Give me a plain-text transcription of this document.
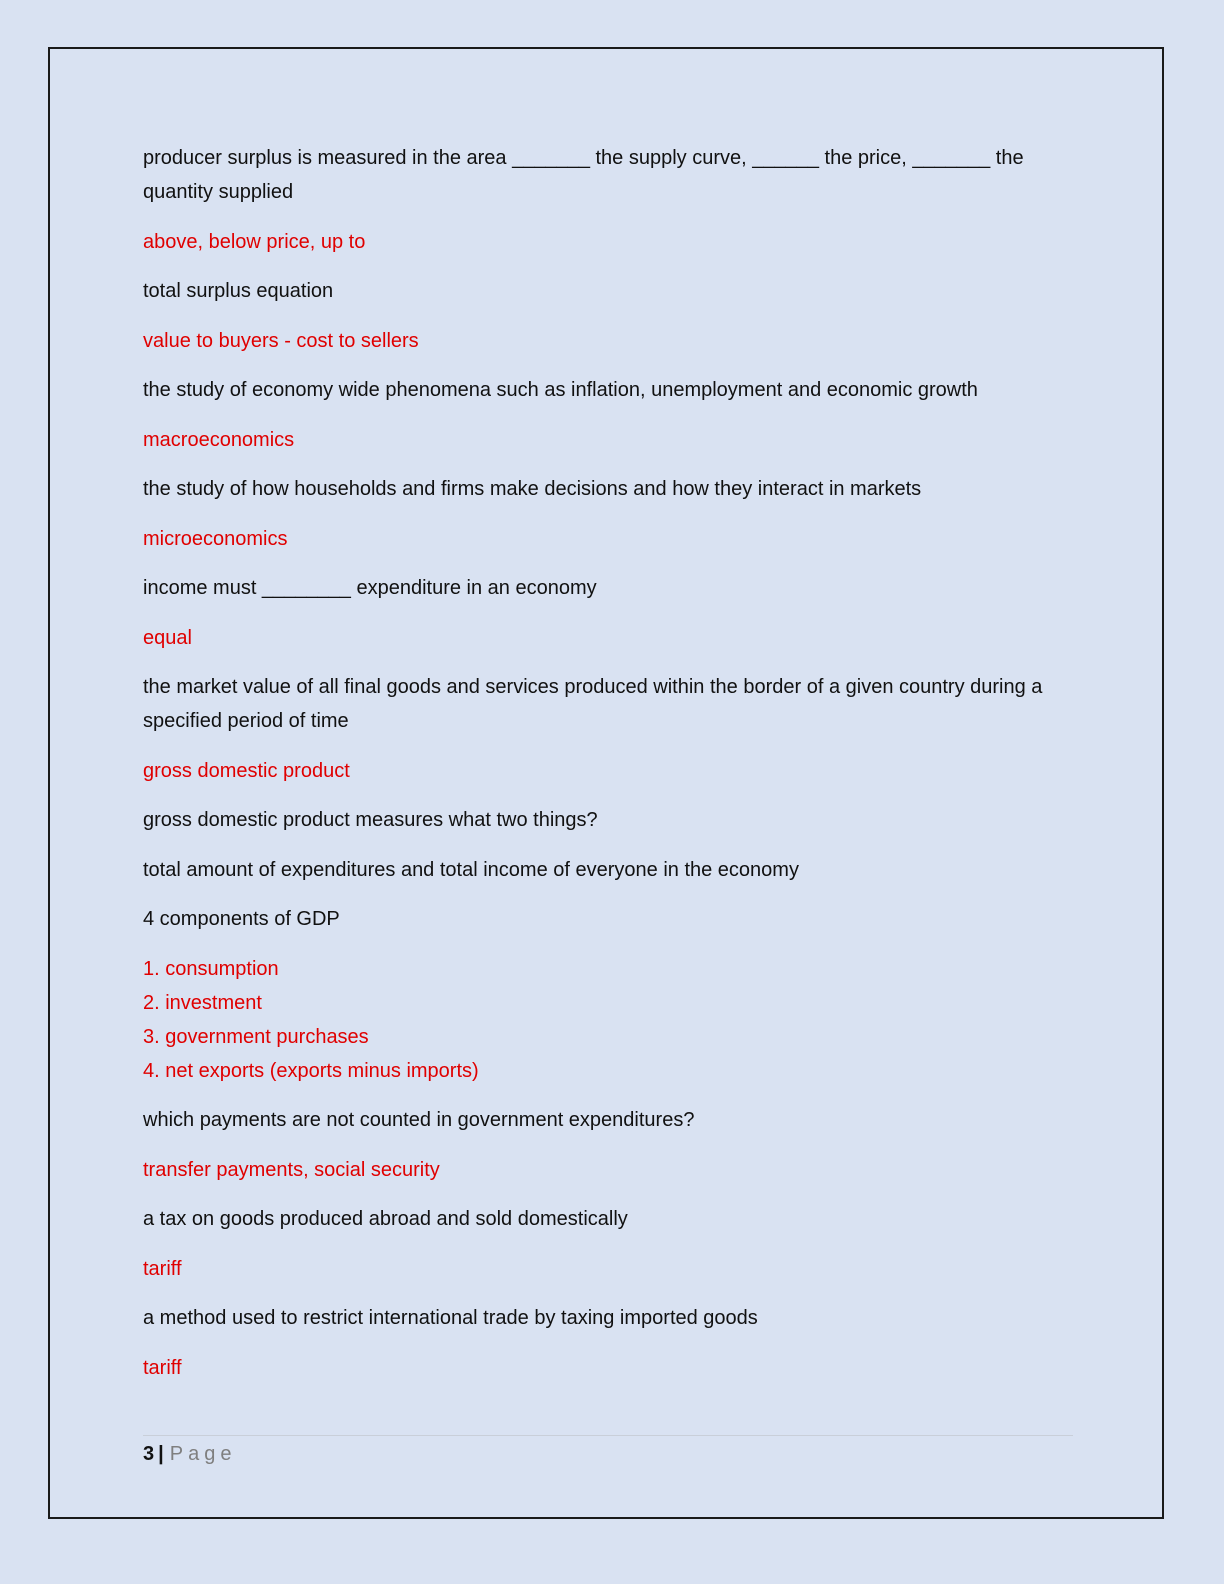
producer surplus is measured in the area _______ the supply curve, ______ the price, _______ the quantity supplied

above, below price, up to

total surplus equation

value to buyers - cost to sellers

the study of economy wide phenomena such as inflation, unemployment and economic growth

macroeconomics

the study of how households and firms make decisions and how they interact in markets

microeconomics

income must ________ expenditure in an economy

equal

the market value of all final goods and services produced within the border of a given country during a specified period of time

gross domestic product

gross domestic product measures what two things?

total amount of expenditures and total income of everyone in the economy

4 components of GDP

1. consumption

2. investment

3. government purchases

4. net exports (exports minus imports)

which payments are not counted in government expenditures?

transfer payments, social security

a tax on goods produced abroad and sold domestically

tariff

a method used to restrict international trade by taxing imported goods

tariff

3 | Page
